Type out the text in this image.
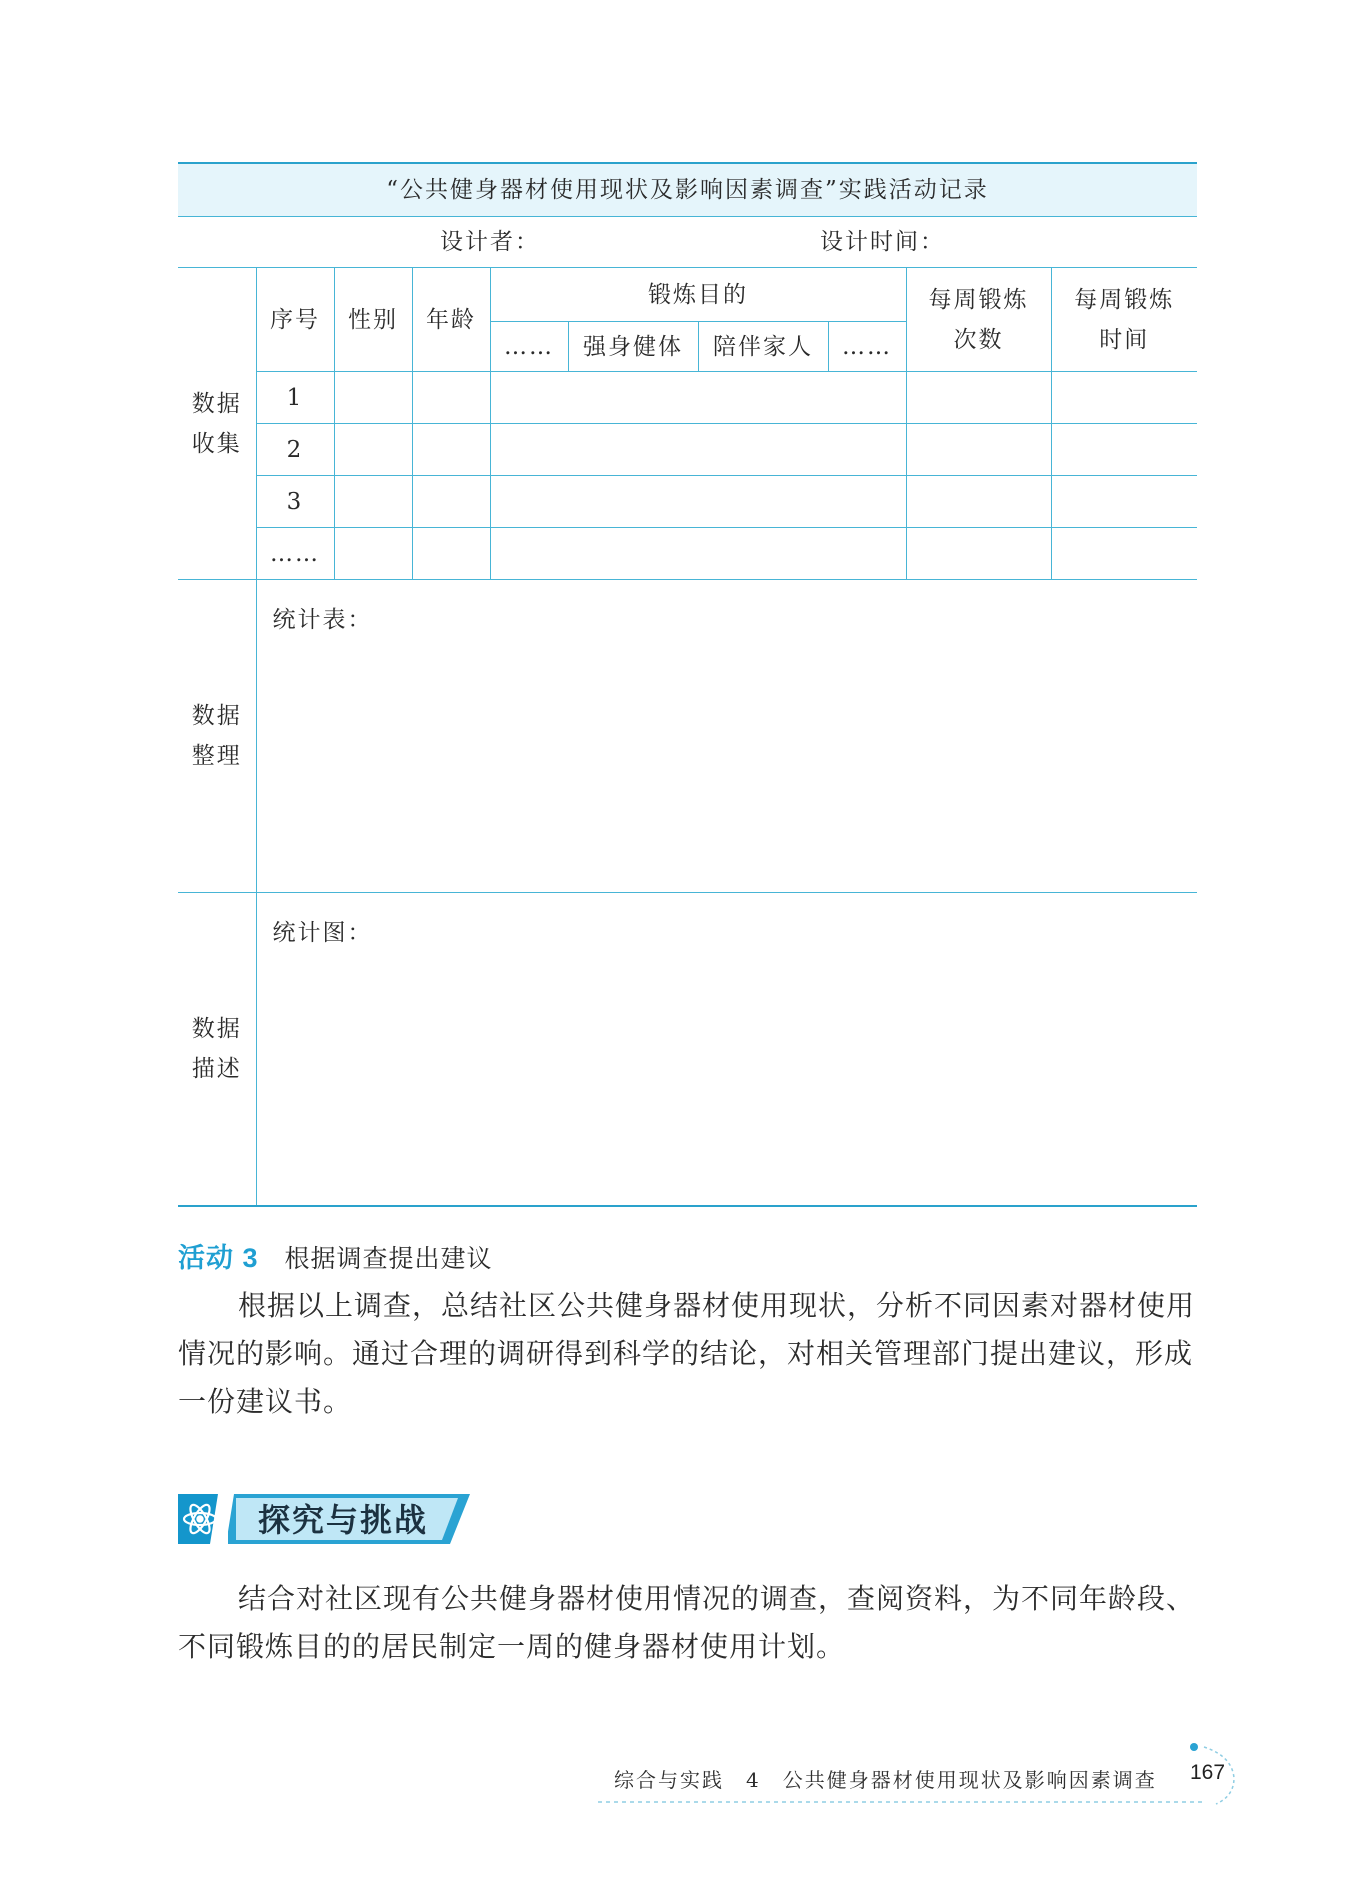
“公共健身器材使用现状及影响因素调查”实践活动记录									
设计者： 设计时间：									

数据收集	序号	性别	年龄	锻炼目的				每周锻炼次数	每周锻炼时间

				……	强身健体	陪伴家人	……		
	1								
	2								
	3								
	……								

数据整理	统计表：								

数据描述	统计图：								
活动 3 根据调查提出建议
根据以上调查，总结社区公共健身器材使用现状，分析不同因素对器材使用情况的影响。通过合理的调研得到科学的结论，对相关管理部门提出建议，形成一份建议书。
探究与挑战
结合对社区现有公共健身器材使用情况的调查，查阅资料，为不同年龄段、不同锻炼目的的居民制定一周的健身器材使用计划。
综合与实践　4　公共健身器材使用现状及影响因素调查 167
